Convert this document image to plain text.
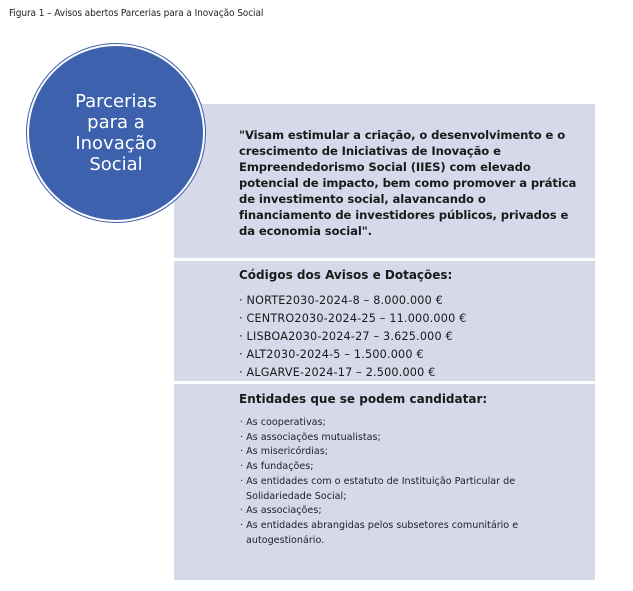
Figura 1 – Avisos abertos Parcerias para a Inovação Social
Parcerias para a Inovação Social
"Visam estimular a criação, o desenvolvimento e o crescimento de Iniciativas de Inovação e Empreendedorismo Social (IIES) com elevado potencial de impacto, bem como promover a prática de investimento social, alavancando o financiamento de investidores públicos, privados e da economia social".
Códigos dos Avisos e Dotações:
· NORTE2030-2024-8 – 8.000.000 €
· CENTRO2030-2024-25 – 11.000.000 €
· LISBOA2030-2024-27 – 3.625.000 €
· ALT2030-2024-5 – 1.500.000 €
· ALGARVE-2024-17 – 2.500.000 €
Entidades que se podem candidatar:
· As cooperativas;
· As associações mutualistas;
· As misericórdias;
· As fundações;
· As entidades com o estatuto de Instituição Particular de Solidariedade Social;
· As associações;
· As entidades abrangidas pelos subsetores comunitário e autogestionário.
